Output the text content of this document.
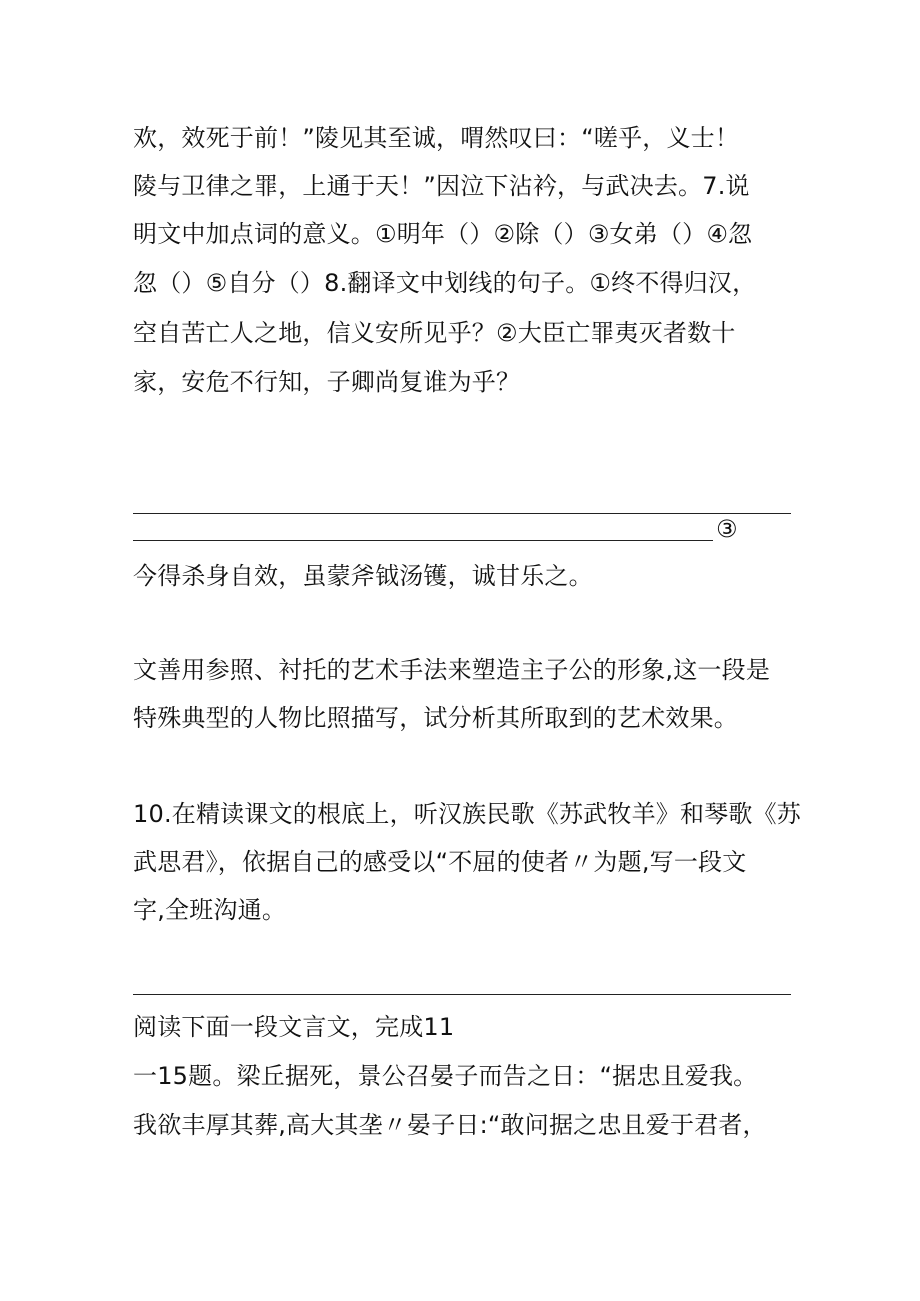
欢，效死于前！”陵见其至诚，喟然叹曰：“嗟乎，义士！
陵与卫律之罪，上通于天！”因泣下沾衿，与武决去。7.说
明文中加点词的意义。①明年（）②除（）③女弟（）④忽
忽（）⑤自分（）8.翻译文中划线的句子。①终不得归汉，
空自苦亡人之地，信义安所见乎？②大臣亡罪夷灭者数十
家，安危不行知，子卿尚复谁为乎？
③
今得杀身自效，虽蒙斧钺汤镬，诚甘乐之。
文善用参照、衬托的艺术手法来塑造主子公的形象,这一段是
特殊典型的人物比照描写，试分析其所取到的艺术效果。
10.在精读课文的根底上，听汉族民歌《苏武牧羊》和琴歌《苏
武思君》，依据自己的感受以“不屈的使者〃为题,写一段文
字,全班沟通。
阅读下面一段文言文，完成11
一15题。梁丘据死，景公召晏子而告之日：“据忠且爱我。
我欲丰厚其葬,高大其垄〃晏子日:“敢问据之忠且爱于君者，
